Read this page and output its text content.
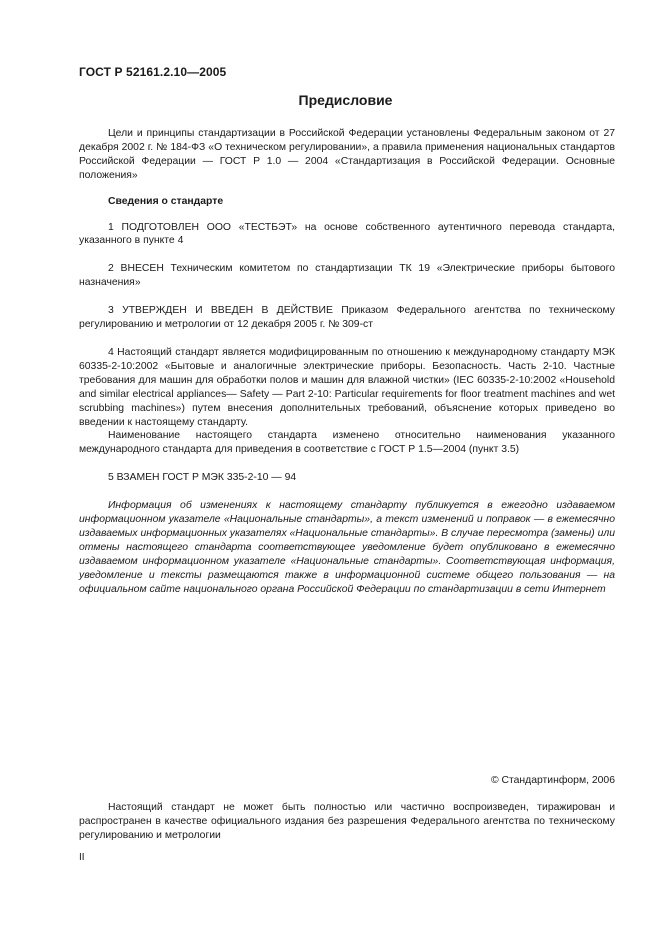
ГОСТ Р 52161.2.10—2005
Предисловие

Цели и принципы стандартизации в Российской Федерации установлены Федеральным законом от 27 декабря 2002 г. № 184-ФЗ «О техническом регулировании», а правила применения национальных стандартов Российской Федерации — ГОСТ Р 1.0 — 2004 «Стандартизация в Российской Федерации. Основные положения»

Сведения о стандарте

1 ПОДГОТОВЛЕН ООО «ТЕСТБЭТ» на основе собственного аутентичного перевода стандарта, указанного в пункте 4

2 ВНЕСЕН Техническим комитетом по стандартизации ТК 19 «Электрические приборы бытового назначения»

3 УТВЕРЖДЕН И ВВЕДЕН В ДЕЙСТВИЕ Приказом Федерального агентства по техническому регулированию и метрологии от 12 декабря 2005 г. № 309-ст

4 Настоящий стандарт является модифицированным по отношению к международному стандарту МЭК 60335-2-10:2002 «Бытовые и аналогичные электрические приборы. Безопасность. Часть 2-10. Частные требования для машин для обработки полов и машин для влажной чистки» (IEC 60335-2-10:2002 «Household and similar electrical appliances— Safety — Part 2-10: Particular requirements for floor treatment machines and wet scrubbing machines») путем внесения дополнительных требований, объяснение которых приведено во введении к настоящему стандарту.

Наименование настоящего стандарта изменено относительно наименования указанного международного стандарта для приведения в соответствие с ГОСТ Р 1.5—2004 (пункт 3.5)

5 ВЗАМЕН ГОСТ Р МЭК 335-2-10 — 94

Информация об изменениях к настоящему стандарту публикуется в ежегодно издаваемом информационном указателе «Национальные стандарты», а текст изменений и поправок — в ежемесячно издаваемых информационных указателях «Национальные стандарты». В случае пересмотра (замены) или отмены настоящего стандарта соответствующее уведомление будет опубликовано в ежемесячно издаваемом информационном указателе «Национальные стандарты». Соответствующая информация, уведомление и тексты размещаются также в информационной системе общего пользования — на официальном сайте национального органа Российской Федерации по стандартизации в сети Интернет

© Стандартинформ, 2006

Настоящий стандарт не может быть полностью или частично воспроизведен, тиражирован и распространен в качестве официального издания без разрешения Федерального агентства по техническому регулированию и метрологии

II
